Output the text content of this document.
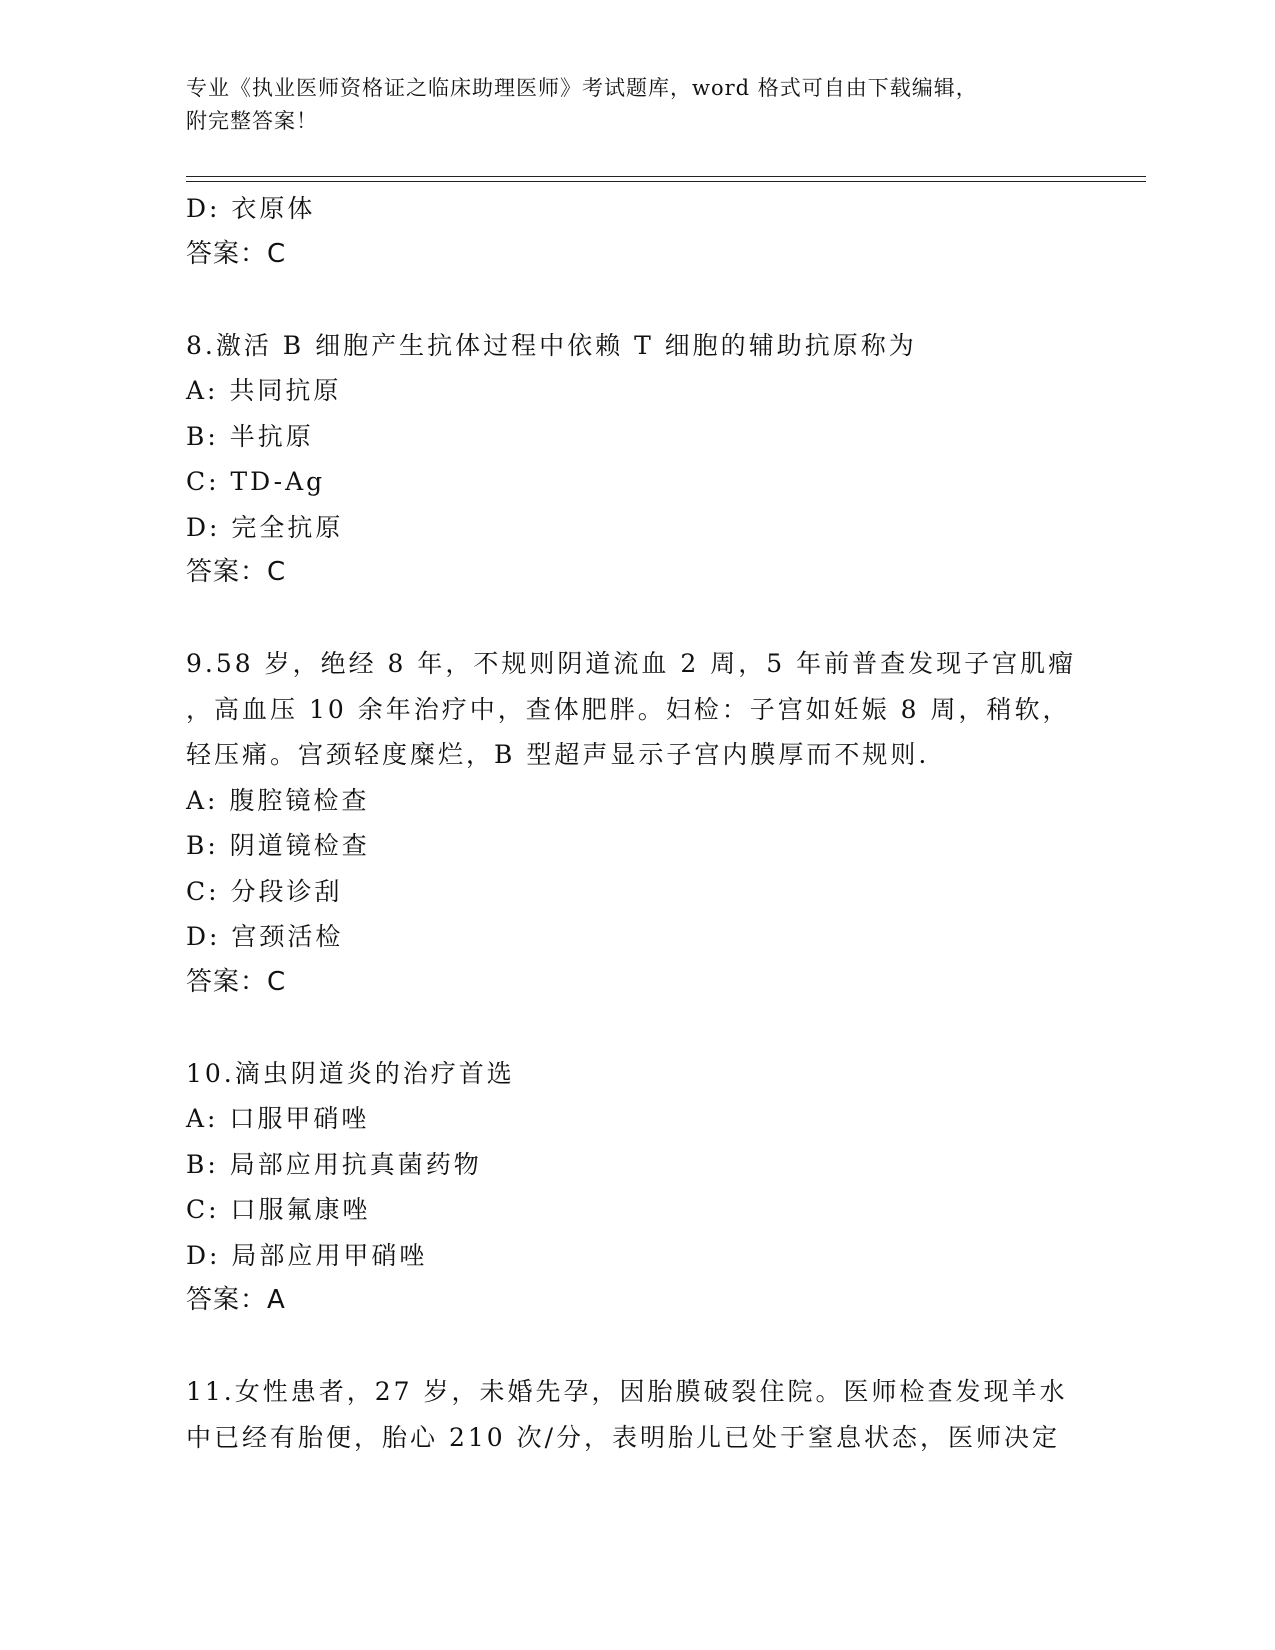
专业《执业医师资格证之临床助理医师》考试题库，word 格式可自由下载编辑，
附完整答案！
D: 衣原体
答案：C
8.激活 B 细胞产生抗体过程中依赖 T 细胞的辅助抗原称为
A: 共同抗原
B: 半抗原
C: TD-Ag
D: 完全抗原
答案：C
9.58 岁，绝经 8 年，不规则阴道流血 2 周，5 年前普查发现子宫肌瘤
，高血压 10 余年治疗中，查体肥胖。妇检：子宫如妊娠 8 周，稍软，
轻压痛。宫颈轻度糜烂，B 型超声显示子宫内膜厚而不规则.
A: 腹腔镜检查
B: 阴道镜检查
C: 分段诊刮
D: 宫颈活检
答案：C
10.滴虫阴道炎的治疗首选
A: 口服甲硝唑
B: 局部应用抗真菌药物
C: 口服氟康唑
D: 局部应用甲硝唑
答案：A
11.女性患者，27 岁，未婚先孕，因胎膜破裂住院。医师检查发现羊水
中已经有胎便，胎心 210 次/分，表明胎儿已处于窒息状态，医师决定
